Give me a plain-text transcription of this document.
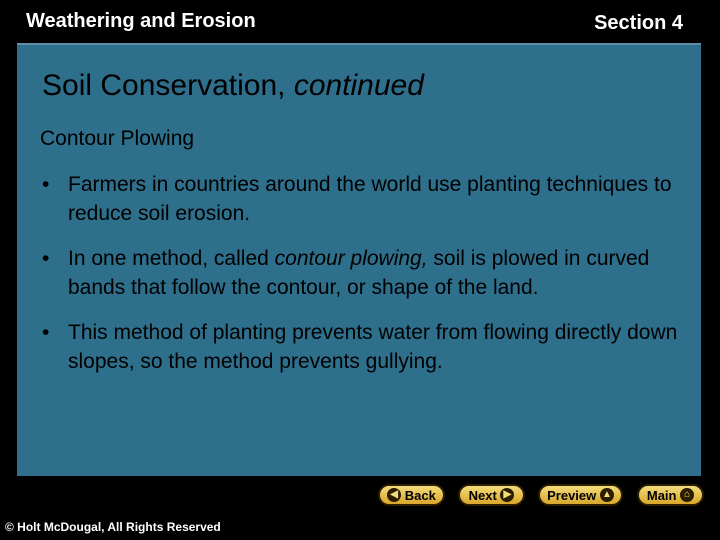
Weathering and Erosion	Section 4
Soil Conservation, continued
Contour Plowing
• Farmers in countries around the world use planting techniques to reduce soil erosion.
• In one method, called contour plowing, soil is plowed in curved bands that follow the contour, or shape of the land.
• This method of planting prevents water from flowing directly down slopes, so the method prevents gullying.
◀
Back	Next
▶	Preview
▲	Main
⌂
© Holt McDougal, All Rights Reserved
